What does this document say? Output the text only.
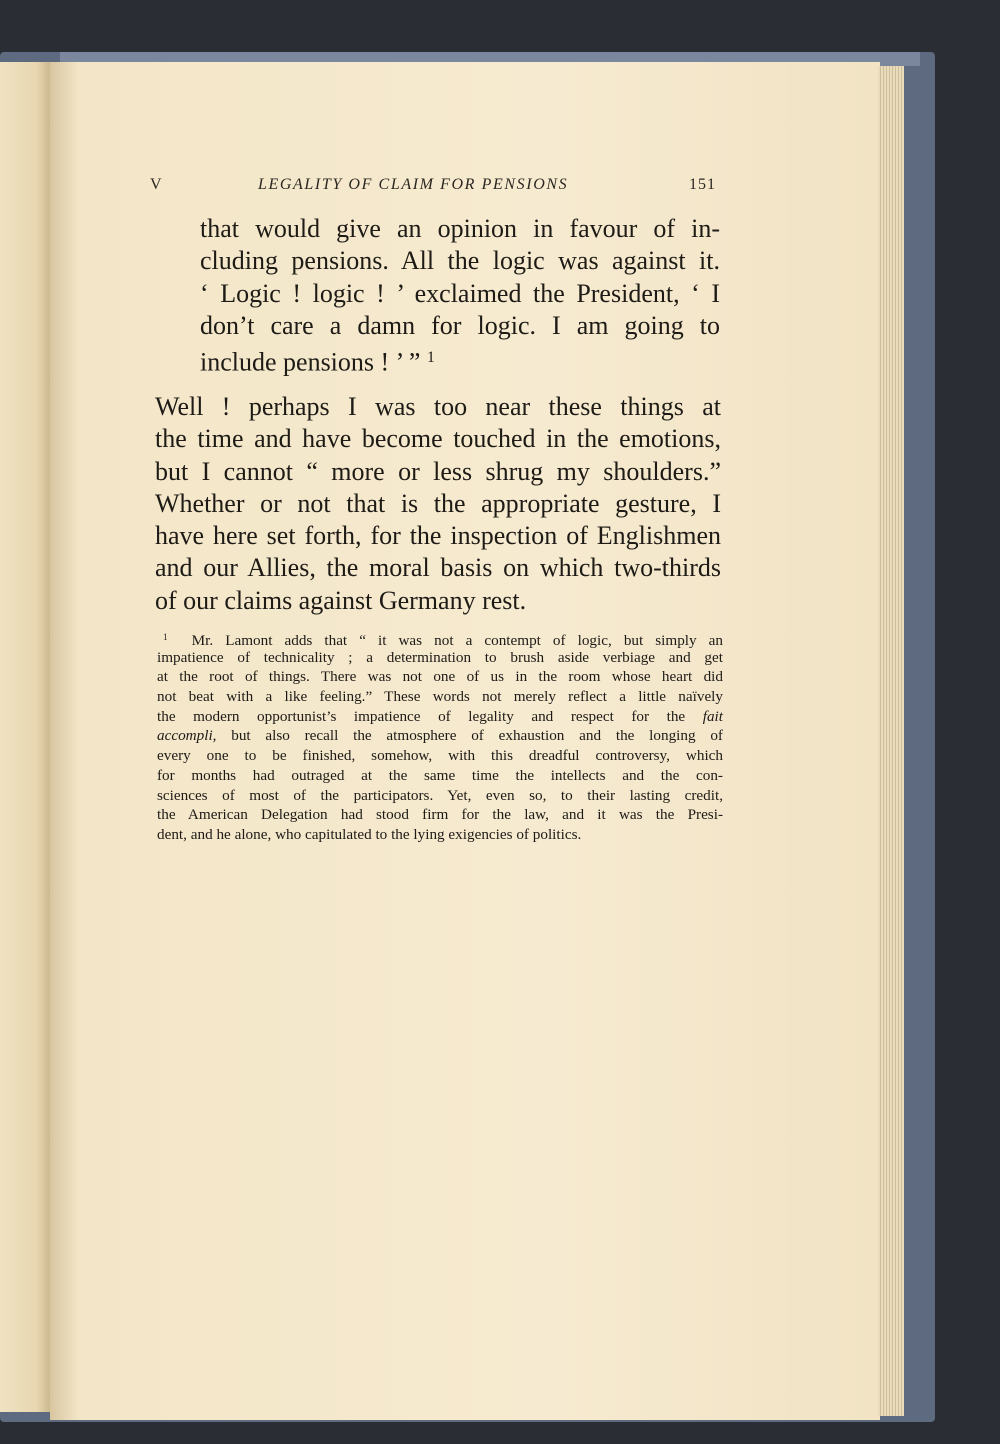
V	LEGALITY OF CLAIM FOR PENSIONS	151
that would give an opinion in favour of in-
cluding pensions. All the logic was against it.
‘ Logic ! logic ! ’ exclaimed the President, ‘ I
don’t care a damn for logic. I am going to
include pensions ! ’ ” $^1$
Well ! perhaps I was too near these things at
the time and have become touched in the emotions,
but I cannot “ more or less shrug my shoulders.”
Whether or not that is the appropriate gesture, I
have here set forth, for the inspection of Englishmen
and our Allies, the moral basis on which two-thirds
of our claims against Germany rest.
$^1$ Mr. Lamont adds that “ it was not a contempt of logic, but simply an
impatience of technicality ; a determination to brush aside verbiage and get
at the root of things. There was not one of us in the room whose heart did
not beat with a like feeling.” These words not merely reflect a little naïvely
the modern opportunist’s impatience of legality and respect for the fait
accompli, but also recall the atmosphere of exhaustion and the longing of
every one to be finished, somehow, with this dreadful controversy, which
for months had outraged at the same time the intellects and the con-
sciences of most of the participators. Yet, even so, to their lasting credit,
the American Delegation had stood firm for the law, and it was the Presi-
dent, and he alone, who capitulated to the lying exigencies of politics.
